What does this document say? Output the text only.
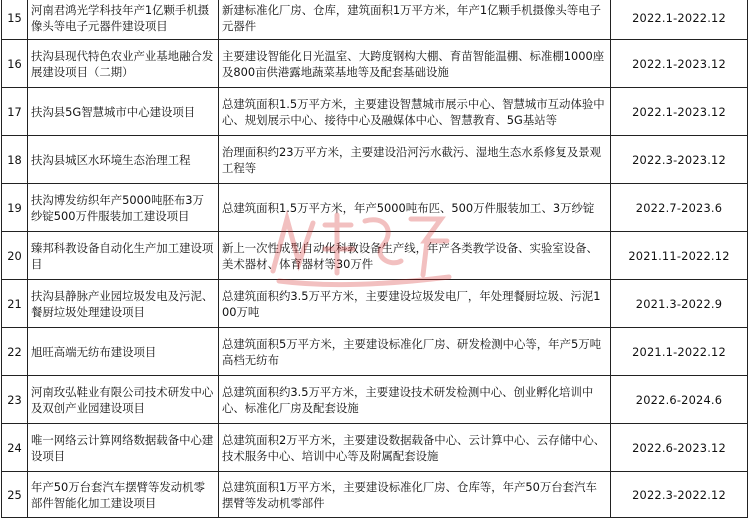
15	河南君鸿光学科技年产1亿颗手机摄像头等电子元器件建设项目	新建标准化厂房、仓库，建筑面积1万平方米，年产1亿颗手机摄像头等电子元器件	2022.1-2022.12
16	扶沟县现代特色农业产业基地融合发展建设项目（二期）	主要建设智能化日光温室、大跨度钢构大棚、育苗智能温棚、标准棚1000座及800亩供港露地蔬菜基地等及配套基础设施	2022.1-2023.12
17	扶沟县5G智慧城市中心建设项目	总建筑面积1.5万平方米，主要建设智慧城市展示中心、智慧城市互动体验中心、规划展示中心、接待中心及融媒体中心、智慧教育、5G基站等	2022.1-2023.12
18	扶沟县城区水环境生态治理工程	治理面积约23万平方米，主要建设沿河污水截污、湿地生态水系修复及景观工程等	2022.3-2023.12
19	扶沟博发纺织年产5000吨胚布3万纱锭500万件服装加工建设项目	总建筑面积1.5万平方米，年产5000吨布匹、500万件服装加工、3万纱锭	2022.7-2023.6
20	臻邦科教设备自动化生产加工建设项目	新上一次性成型自动化科教设备生产线，年产各类教学设备、实验室设备、美术器材、体育器材等30万件	2021.11-2022.12
21	扶沟县静脉产业园垃圾发电及污泥、餐厨垃圾处理建设项目	总建筑面积约3.5万平方米，主要建设垃圾发电厂，年处理餐厨垃圾、污泥100万吨	2021.3-2022.9
22	旭旺高端无纺布建设项目	总建筑面积5万平方米，主要建设标准化厂房、研发检测中心等，年产5万吨高档无纺布	2021.1-2022.12
23	河南玫弘鞋业有限公司技术研发中心及双创产业园建设项目	总建筑面积约3.5万平方米，主要建设技术研发检测中心、创业孵化培训中心、标准化厂房及配套设施	2022.6-2024.6
24	唯一网络云计算网络数据载备中心建设项目	总建筑面积2万平方米，主要建设数据载备中心、云计算中心、云存储中心、技术服务中心、培训中心等及附属配套设施	2022.6-2023.12
25	年产50万台套汽车摆臂等发动机零部件智能化加工建设项目	总建筑面积1万平方米，主要建设标准化厂房、仓库等，年产50万台套汽车摆臂等发动机零部件	2022.3-2022.12
